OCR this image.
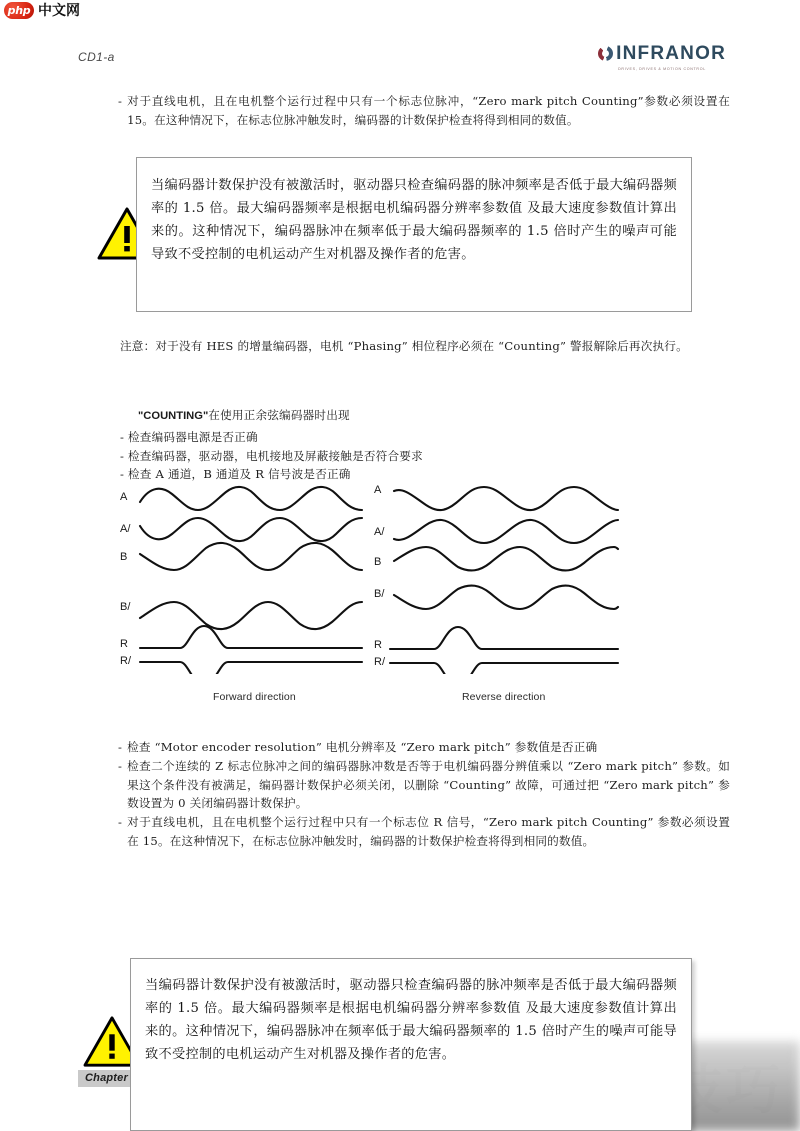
php 中文网
CD1-a	INFRANOR
DRIVES, DRIVES & MOTION CONTROL
- 对于直线电机，且在电机整个运行过程中只有一个标志位脉冲，“Zero mark pitch Counting”参数必须设置在 15。在这种情况下，在标志位脉冲触发时，编码器的计数保护检查将得到相同的数值。
当编码器计数保护没有被激活时，驱动器只检查编码器的脉冲频率是否低于最大编码器频率的 1.5 倍。最大编码器频率是根据电机编码器分辨率参数值 及最大速度参数值计算出来的。这种情况下，编码器脉冲在频率低于最大编码器频率的 1.5 倍时产生的噪声可能导致不受控制的电机运动产生对机器及操作者的危害。
注意：对于没有 HES 的增量编码器，电机 “Phasing” 相位程序必须在 “Counting” 警报解除后再次执行。
"COUNTING"在使用正余弦编码器时出现
- 检查编码器电源是否正确
- 检查编码器，驱动器，电机接地及屏蔽接触是否符合要求
- 检查 A 通道，B 通道及 R 信号波是否正确
A
A/
B
B/
R
R/
Forward direction
A
A/
B
B/
R
R/
Reverse direction
- 检查 “Motor encoder resolution” 电机分辨率及 “Zero mark pitch” 参数值是否正确
- 检查二个连续的 Z 标志位脉冲之间的编码器脉冲数是否等于电机编码器分辨值乘以 “Zero mark pitch” 参数。如果这个条件没有被满足，编码器计数保护必须关闭，以删除 “Counting” 故障，可通过把 “Zero mark pitch” 参数设置为 0 关闭编码器计数保护。
- 对于直线电机，且在电机整个运行过程中只有一个标志位 R 信号，“Zero mark pitch Counting” 参数必须设置在 15。在这种情况下，在标志位脉冲触发时，编码器的计数保护检查将得到相同的数值。
Chapter
当编码器计数保护没有被激活时，驱动器只检查编码器的脉冲频率是否低于最大编码器频率的 1.5 倍。最大编码器频率是根据电机编码器分辨率参数值 及最大速度参数值计算出来的。这种情况下，编码器脉冲在频率低于最大编码器频率的 1.5 倍时产生的噪声可能导致不受控制的电机运动产生对机器及操作者的危害。
